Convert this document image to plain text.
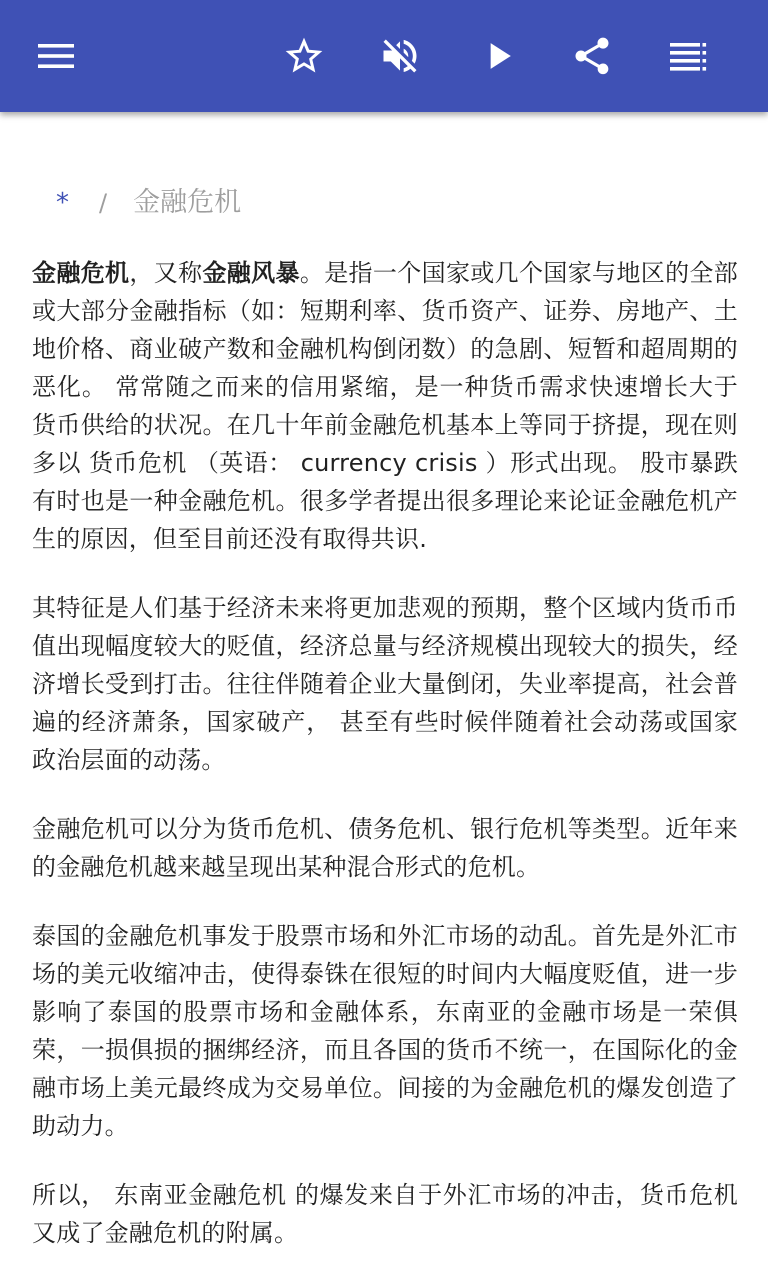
* / 金融危机

金融危机，又称金融风暴。是指一个国家或几个国家与地区的全部或大部分金融指标（如：短期利率、货币资产、证券、房地产、土地价格、商业破产数和金融机构倒闭数）的急剧、短暂和超周期的恶化。 常常随之而来的信用紧缩，是一种货币需求快速增长大于货币供给的状况。在几十年前金融危机基本上等同于挤提，现在则多以 货币危机 （英语： currency crisis ）形式出现。 股市暴跌 有时也是一种金融危机。很多学者提出很多理论来论证金融危机产生的原因，但至目前还没有取得共识.

其特征是人们基于经济未来将更加悲观的预期，整个区域内货币币值出现幅度较大的贬值，经济总量与经济规模出现较大的损失，经济增长受到打击。往往伴随着企业大量倒闭，失业率提高，社会普遍的经济萧条，国家破产， 甚至有些时候伴随着社会动荡或国家政治层面的动荡。

金融危机可以分为货币危机、债务危机、银行危机等类型。近年来的金融危机越来越呈现出某种混合形式的危机。

泰国的金融危机事发于股票市场和外汇市场的动乱。首先是外汇市场的美元收缩冲击，使得泰铢在很短的时间内大幅度贬值，进一步影响了泰国的股票市场和金融体系，东南亚的金融市场是一荣俱荣，一损俱损的捆绑经济，而且各国的货币不统一，在国际化的金融市场上美元最终成为交易单位。间接的为金融危机的爆发创造了助动力。

所以， 东南亚金融危机 的爆发来自于外汇市场的冲击，货币危机又成了金融危机的附属。
